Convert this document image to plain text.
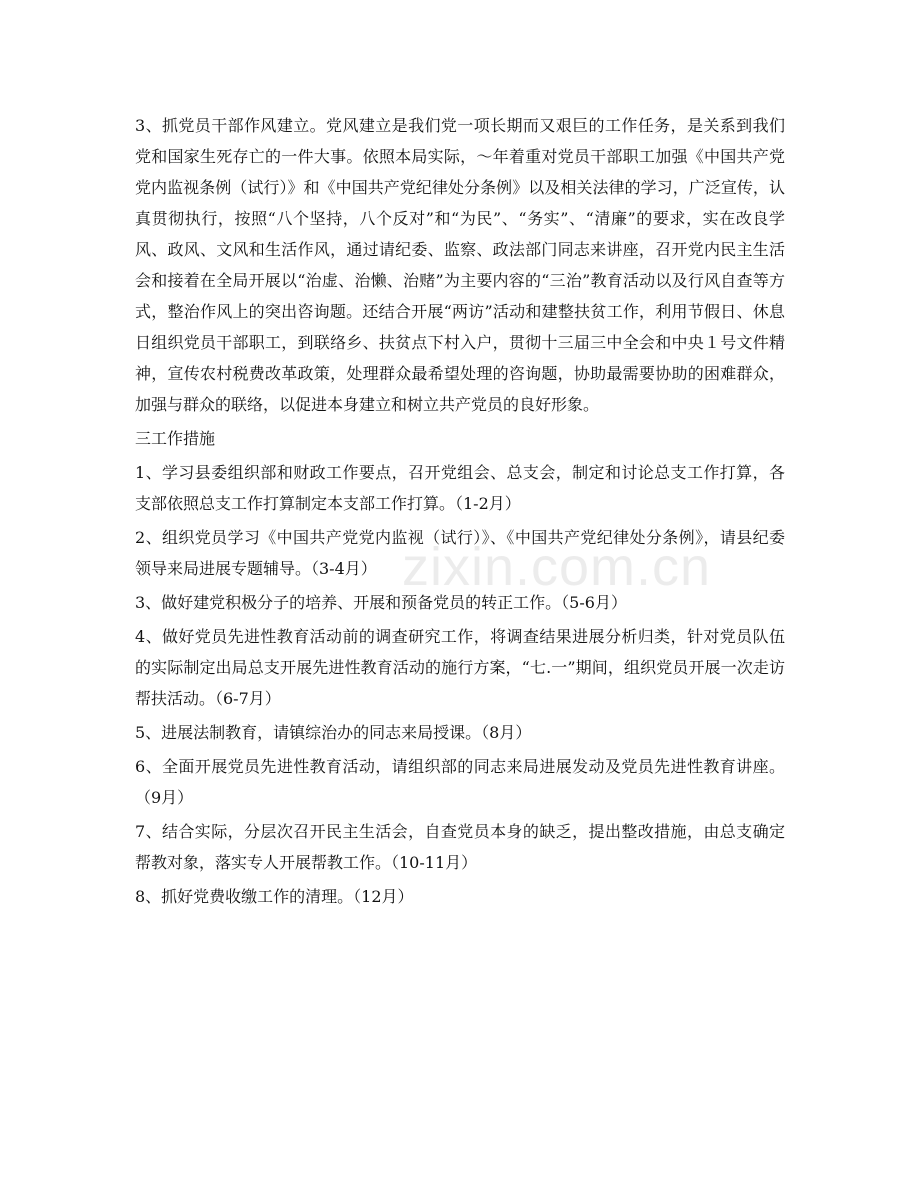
3、抓党员干部作风建立。党风建立是我们党一项长期而又艰巨的工作任务，是关系到我们党和国家生死存亡的一件大事。依照本局实际，～年着重对党员干部职工加强《中国共产党党内监视条例（试行）》和《中国共产党纪律处分条例》以及相关法律的学习，广泛宣传，认真贯彻执行，按照“八个坚持，八个反对”和“为民”、“务实”、“清廉”的要求，实在改良学风、政风、文风和生活作风，通过请纪委、监察、政法部门同志来讲座，召开党内民主生活会和接着在全局开展以“治虚、治懒、治赌”为主要内容的“三治”教育活动以及行风自查等方式，整治作风上的突出咨询题。还结合开展“两访”活动和建整扶贫工作，利用节假日、休息日组织党员干部职工，到联络乡、扶贫点下村入户，贯彻十三届三中全会和中央１号文件精神，宣传农村税费改革政策，处理群众最希望处理的咨询题，协助最需要协助的困难群众，加强与群众的联络，以促进本身建立和树立共产党员的良好形象。

三工作措施

1、学习县委组织部和财政工作要点，召开党组会、总支会，制定和讨论总支工作打算，各支部依照总支工作打算制定本支部工作打算。（1-2月）

2、组织党员学习《中国共产党党内监视（试行）》、《中国共产党纪律处分条例》，请县纪委领导来局进展专题辅导。（3-4月）

3、做好建党积极分子的培养、开展和预备党员的转正工作。（5-6月）

4、做好党员先进性教育活动前的调查研究工作，将调查结果进展分析归类，针对党员队伍的实际制定出局总支开展先进性教育活动的施行方案，“七.一”期间，组织党员开展一次走访帮扶活动。（6-7月）

5、进展法制教育，请镇综治办的同志来局授课。（8月）

6、全面开展党员先进性教育活动，请组织部的同志来局进展发动及党员先进性教育讲座。（9月）

7、结合实际，分层次召开民主生活会，自查党员本身的缺乏，提出整改措施，由总支确定帮教对象，落实专人开展帮教工作。（10-11月）

8、抓好党费收缴工作的清理。（12月）

zixin.com.cn
